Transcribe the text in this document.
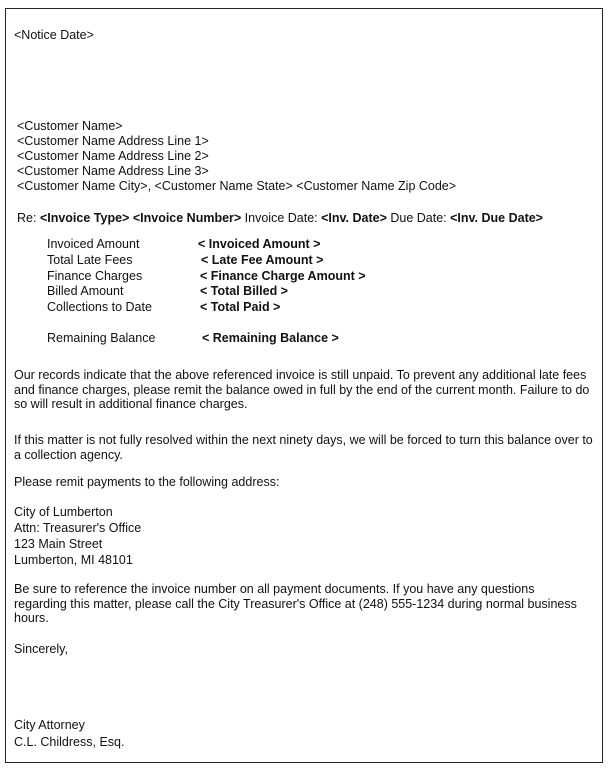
<Notice Date>
<Customer Name>
<Customer Name Address Line 1>
<Customer Name Address Line 2>
<Customer Name Address Line 3>
<Customer Name City>, <Customer Name State> <Customer Name Zip Code>
Re: <Invoice Type> <Invoice Number> Invoice Date: <Inv. Date> Due Date: <Inv. Due Date>
Invoiced Amount	< Invoiced Amount >
Total Late Fees	< Late Fee Amount >
Finance Charges	< Finance Charge Amount >
Billed Amount	< Total Billed >
Collections to Date	< Total Paid >
Remaining Balance	< Remaining Balance >
Our records indicate that the above referenced invoice is still unpaid. To prevent any additional late fees and finance charges, please remit the balance owed in full by the end of the current month. Failure to do so will result in additional finance charges.
If this matter is not fully resolved within the next ninety days, we will be forced to turn this balance over to a collection agency.
Please remit payments to the following address:
City of Lumberton
Attn: Treasurer's Office
123 Main Street
Lumberton, MI 48101
Be sure to reference the invoice number on all payment documents. If you have any questions regarding this matter, please call the City Treasurer's Office at (248) 555-1234 during normal business hours.
Sincerely,
City Attorney
C.L. Childress, Esq.
